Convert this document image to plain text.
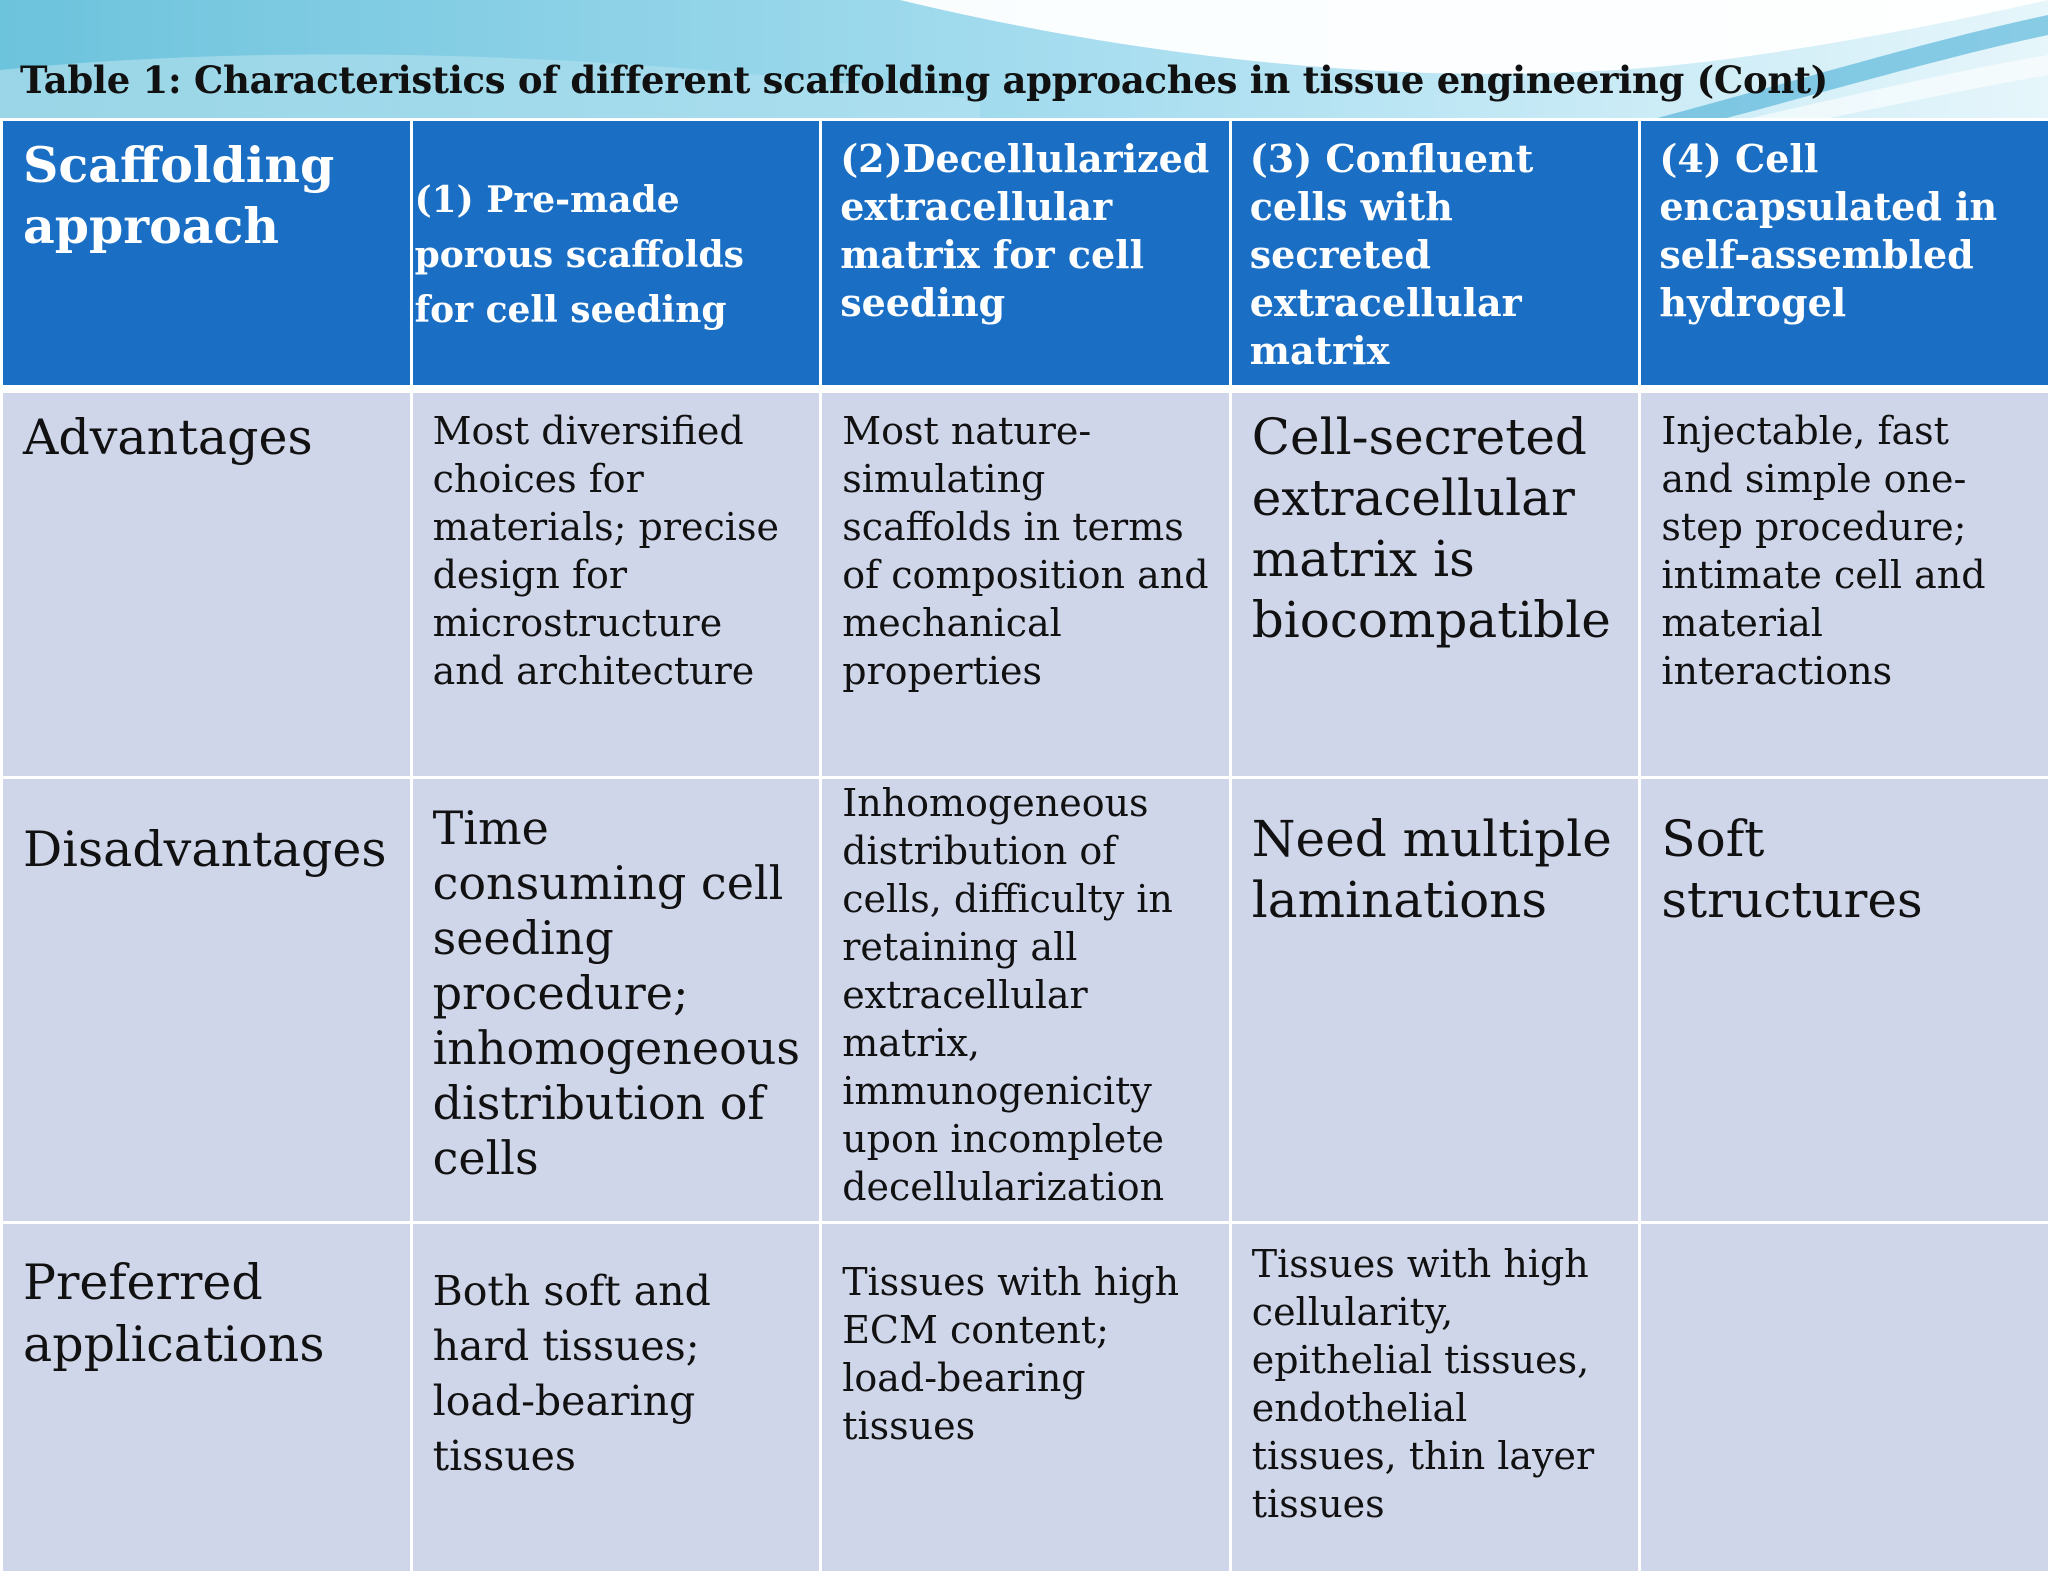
Table 1: Characteristics of different scaffolding approaches in tissue engineering (Cont)
Scaffolding approach	(1) Pre-made porous scaffolds for cell seeding	(2)Decellularized extracellular matrix for cell seeding	(3) Confluent cells with secreted extracellular matrix	(4) Cell encapsulated in self-assembled hydrogel
Advantages	Most diversified choices for materials; precise design for microstructure and architecture	Most nature-simulating scaffolds in terms of composition and mechanical properties	Cell-secreted extracellular matrix is biocompatible	Injectable, fast and simple one-step procedure; intimate cell and material interactions
Disadvantages	Time consuming cell seeding procedure; inhomogeneous distribution of cells	Inhomogeneous distribution of cells, difficulty in retaining all extracellular matrix, immunogenicity upon incomplete decellularization	Need multiple laminations	Soft structures
Preferred applications	Both soft and hard tissues; load-bearing tissues	Tissues with high ECM content; load-bearing tissues	Tissues with high cellularity, epithelial tissues, endothelial tissues, thin layer tissues	
